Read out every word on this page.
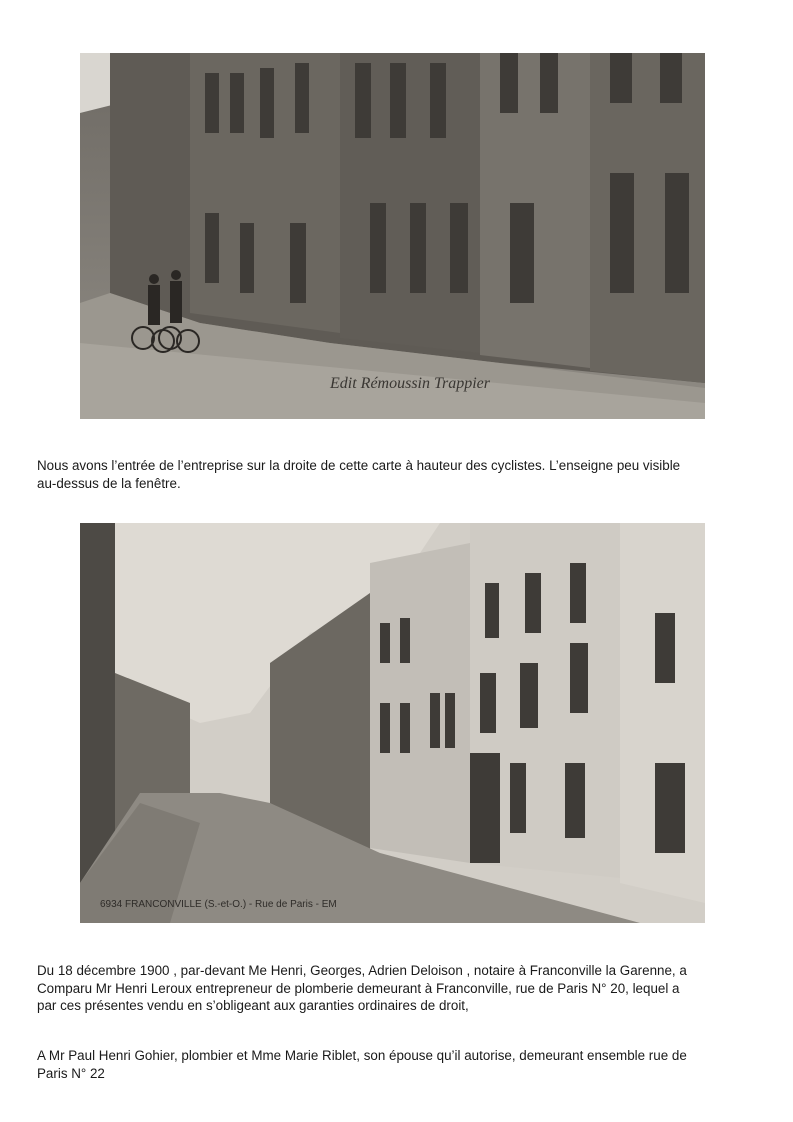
Edit Rémoussin Trappier

Nous avons l’entrée de l’entreprise sur la droite de cette carte à hauteur des cyclistes. L’enseigne peu visible
au-dessus de la fenêtre.

6934 FRANCONVILLE (S.-et-O.) - Rue de Paris - EM

Du 18 décembre 1900 , par-devant Me Henri, Georges, Adrien Deloison , notaire à Franconville la Garenne, a
Comparu Mr Henri Leroux entrepreneur de plomberie demeurant à Franconville, rue de Paris N° 20, lequel a
par ces présentes vendu en s’obligeant aux garanties ordinaires de droit,

A Mr Paul Henri Gohier, plombier et Mme Marie Riblet, son épouse qu’il autorise, demeurant ensemble rue de
Paris N° 22
